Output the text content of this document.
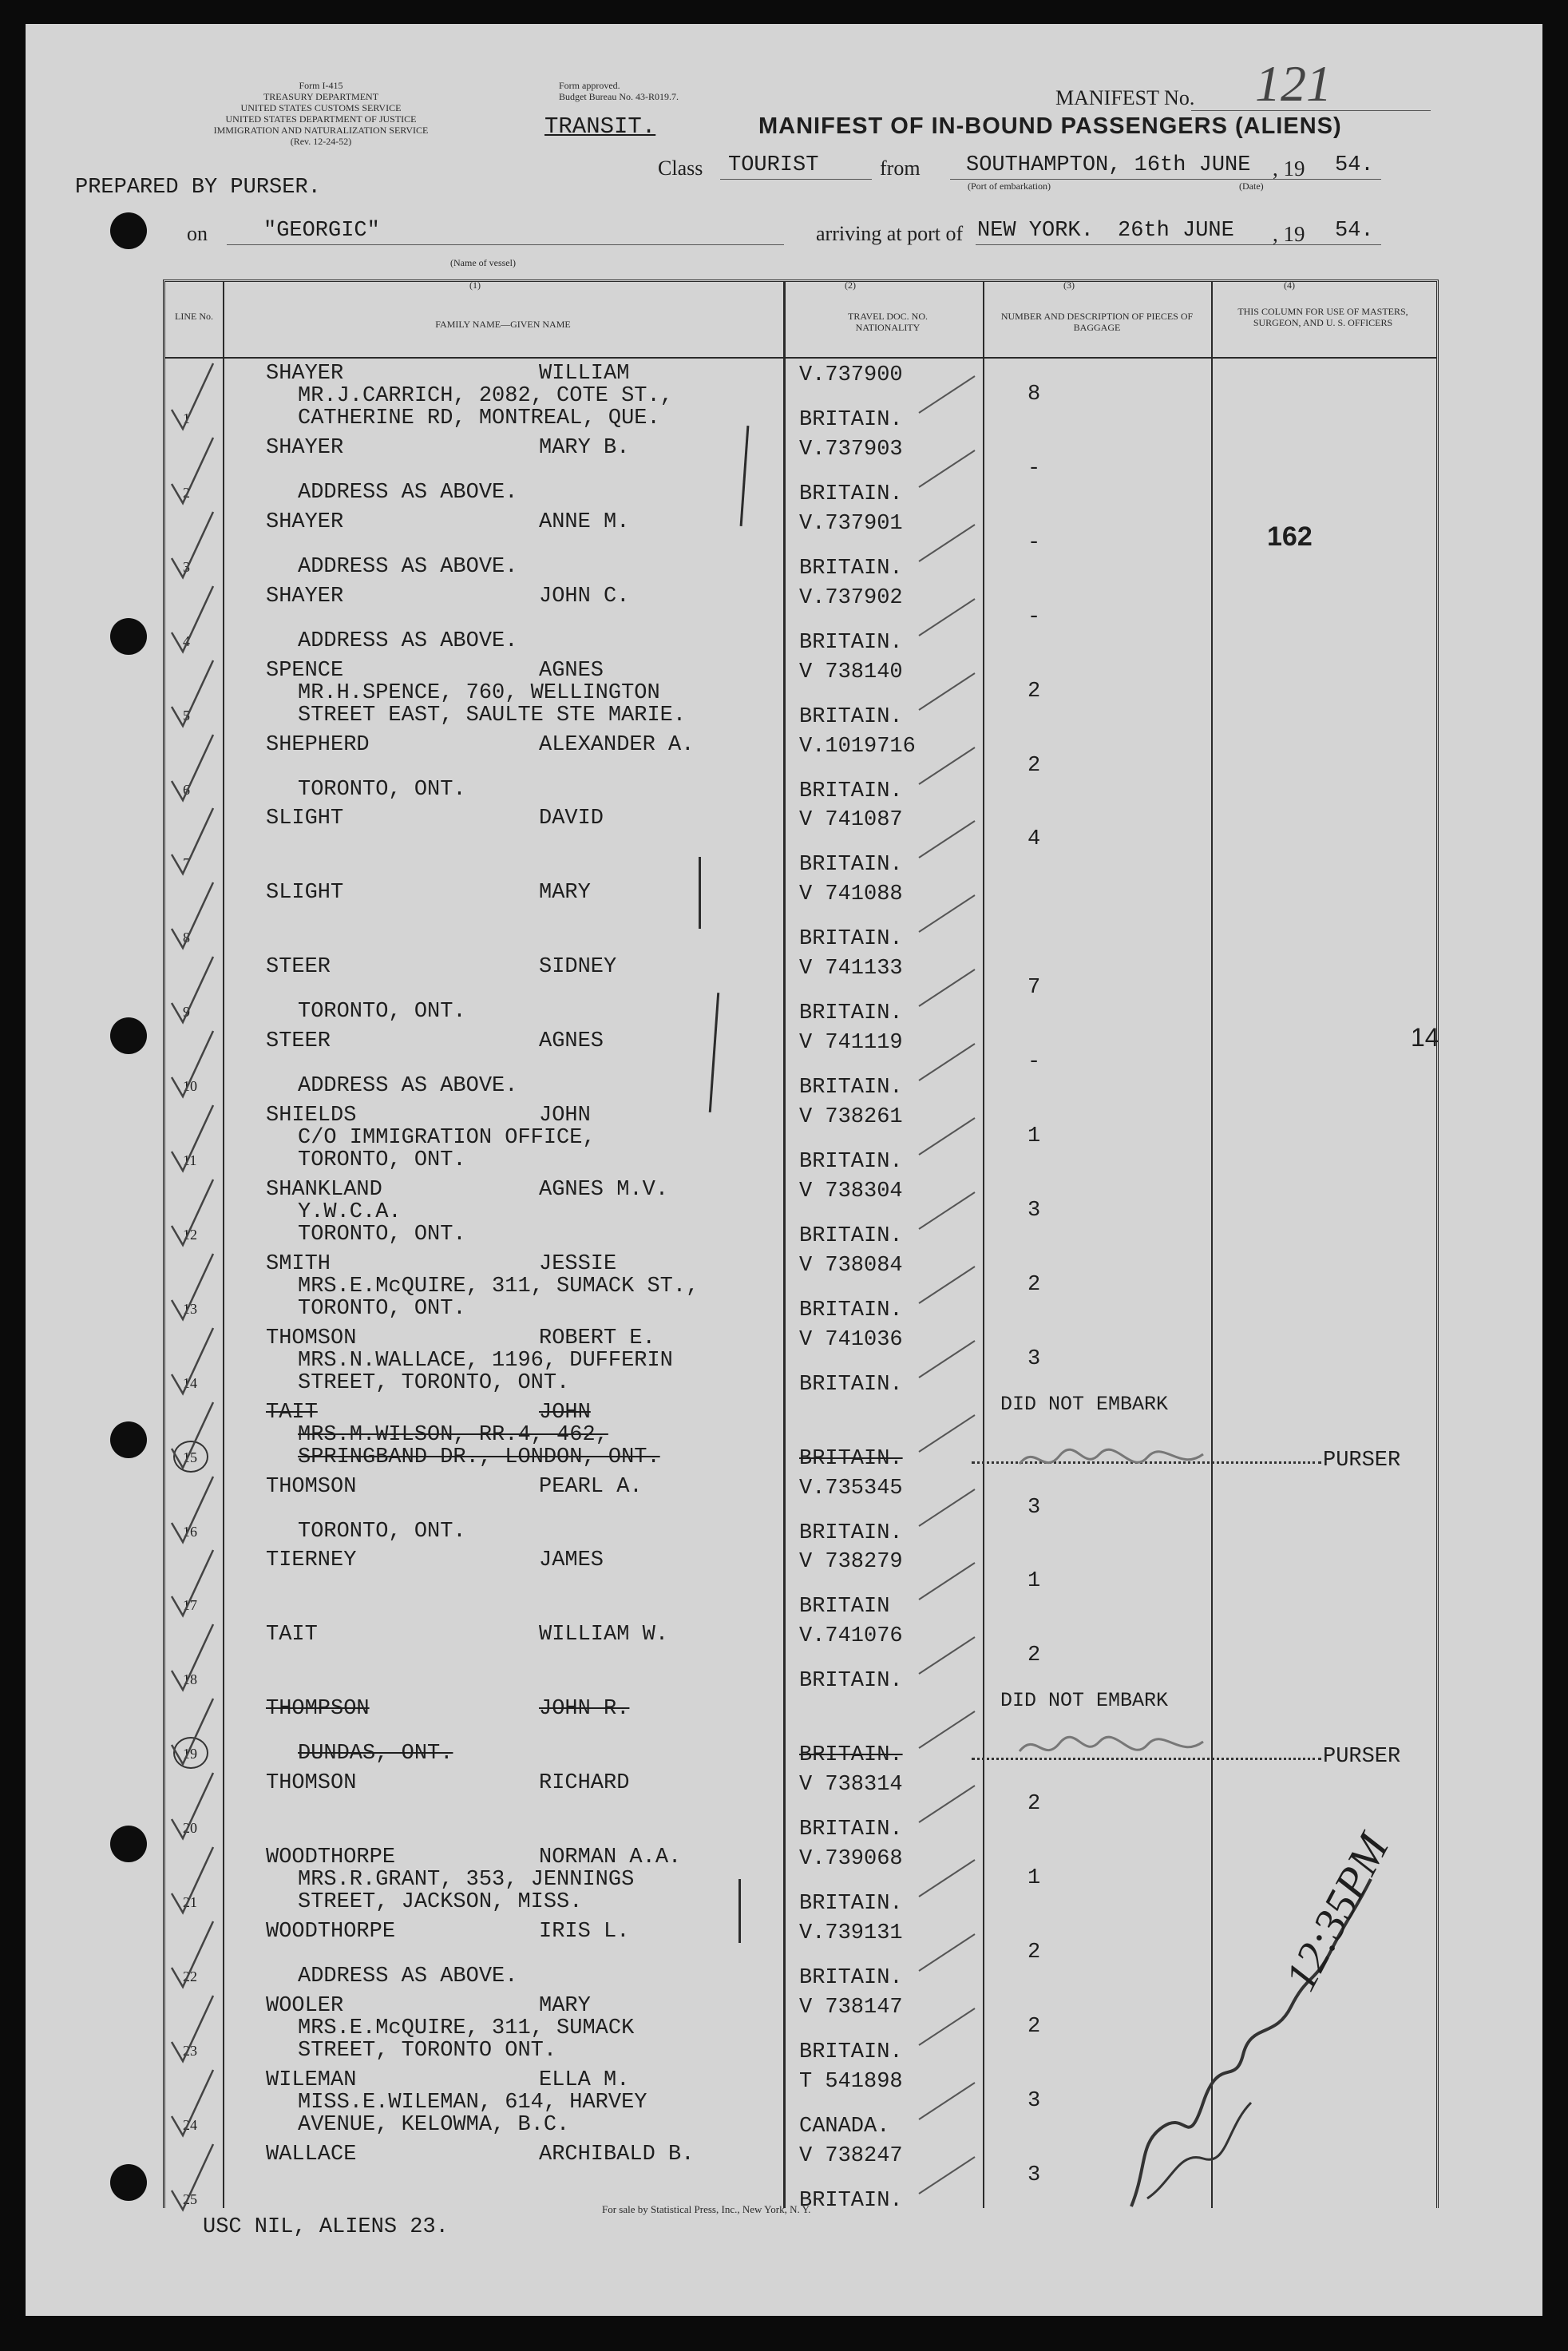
Form I-415
TREASURY DEPARTMENT
UNITED STATES CUSTOMS SERVICE
UNITED STATES DEPARTMENT OF JUSTICE
IMMIGRATION AND NATURALIZATION SERVICE
(Rev. 12-24-52)
Form approved.
Budget Bureau No. 43-R019.7.
TRANSIT.
MANIFEST No. 121
MANIFEST OF IN-BOUND PASSENGERS (ALIENS)
Class TOURIST	from SOUTHAMPTON, 16th JUNE , 19 54.
(Port of embarkation)	(Date)
PREPARED BY PURSER.
on	"GEORGIC"	arriving at port of NEW YORK. 26th JUNE , 19 54.
(Name of vessel)
(1)	(2)	(3)	(4)
LINE No.
FAMILY NAME—GIVEN NAME
TRAVEL DOC. NO. NATIONALITY
NUMBER AND DESCRIPTION OF PIECES OF BAGGAGE
THIS COLUMN FOR USE OF MASTERS, SURGEON, AND U. S. OFFICERS
1
SHAYER	WILLIAM
MR.J.CARRICH, 2082, COTE ST.,
CATHERINE RD, MONTREAL, QUE.
V.737900
BRITAIN.
8
2
SHAYER	MARY B.
ADDRESS AS ABOVE.
V.737903
BRITAIN.
-
3
SHAYER	ANNE M.
ADDRESS AS ABOVE.
V.737901
BRITAIN.
-
4
SHAYER	JOHN C.
ADDRESS AS ABOVE.
V.737902
BRITAIN.
-
5
SPENCE	AGNES
MR.H.SPENCE, 760, WELLINGTON
STREET EAST, SAULTE STE MARIE.
V 738140
BRITAIN.
2
6
SHEPHERD	ALEXANDER A.
TORONTO, ONT.
V.1019716
BRITAIN.
2
7
SLIGHT	DAVID	V 741087
BRITAIN.
4
8
SLIGHT	MARY	V 741088
BRITAIN.
9
STEER	SIDNEY
TORONTO, ONT.
V 741133
BRITAIN.
7
10
STEER	AGNES
ADDRESS AS ABOVE.
V 741119
BRITAIN.
-
11
SHIELDS	JOHN
C/O IMMIGRATION OFFICE,
TORONTO, ONT.
V 738261
BRITAIN.
1
12
SHANKLAND	AGNES M.V.
Y.W.C.A.
TORONTO, ONT.
V 738304
BRITAIN.
3
13
SMITH	JESSIE
MRS.E.McQUIRE, 311, SUMACK ST.,
TORONTO, ONT.
V 738084
BRITAIN.
2
14
THOMSON	ROBERT E.
MRS.N.WALLACE, 1196, DUFFERIN
STREET, TORONTO, ONT.
V 741036
BRITAIN.
3
15
TAIT	JOHN
MRS.M.WILSON, RR.4, 462,
SPRINGBAND DR., LONDON, ONT.	BRITAIN.
DID NOT EMBARK
PURSER
16
THOMSON	PEARL A.
TORONTO, ONT.
V.735345
BRITAIN.
3
17
TIERNEY	JAMES	V 738279
BRITAIN
1
18
TAIT	WILLIAM W.	V.741076
BRITAIN.
2
19
THOMPSON	JOHN R.
DUNDAS, ONT.	BRITAIN.
DID NOT EMBARK
PURSER
20
THOMSON	RICHARD	V 738314
BRITAIN.
2
21
WOODTHORPE	NORMAN A.A.
MRS.R.GRANT, 353, JENNINGS
STREET, JACKSON, MISS.
V.739068
BRITAIN.
1
22
WOODTHORPE	IRIS L.
ADDRESS AS ABOVE.
V.739131
BRITAIN.
2
23
WOOLER	MARY
MRS.E.McQUIRE, 311, SUMACK
STREET, TORONTO ONT.
V 738147
BRITAIN.
2
24
WILEMAN	ELLA M.
MISS.E.WILEMAN, 614, HARVEY
AVENUE, KELOWMA, B.C.
T 541898
CANADA.
3
25
WALLACE	ARCHIBALD B.	V 738247
BRITAIN.
3
162
14
12:35PM
USC NIL, ALIENS 23.
For sale by Statistical Press, Inc., New York, N. Y.
